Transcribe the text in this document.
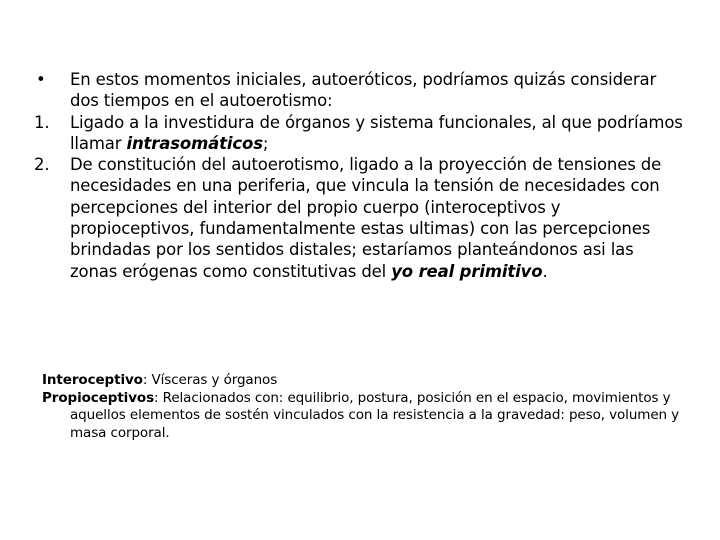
•	En estos momentos iniciales, autoeróticos, podríamos quizás considerar dos tiempos en el autoerotismo:
1.	Ligado a la investidura de órganos y sistema funcionales, al que podríamos llamar intrasomáticos;
2.	De constitución del autoerotismo, ligado a la proyección de tensiones de necesidades en una periferia, que vincula la tensión de necesidades con percepciones del interior del propio cuerpo (interoceptivos y propioceptivos, fundamentalmente estas ultimas) con las percepciones brindadas por los sentidos distales; estaríamos planteándonos asi las zonas erógenas como constitutivas del yo real primitivo.
Interoceptivo: Vísceras y órganos
Propioceptivos: Relacionados con: equilibrio, postura, posición en el espacio, movimientos y aquellos elementos de sostén vinculados con la resistencia a la gravedad: peso, volumen y masa corporal.
